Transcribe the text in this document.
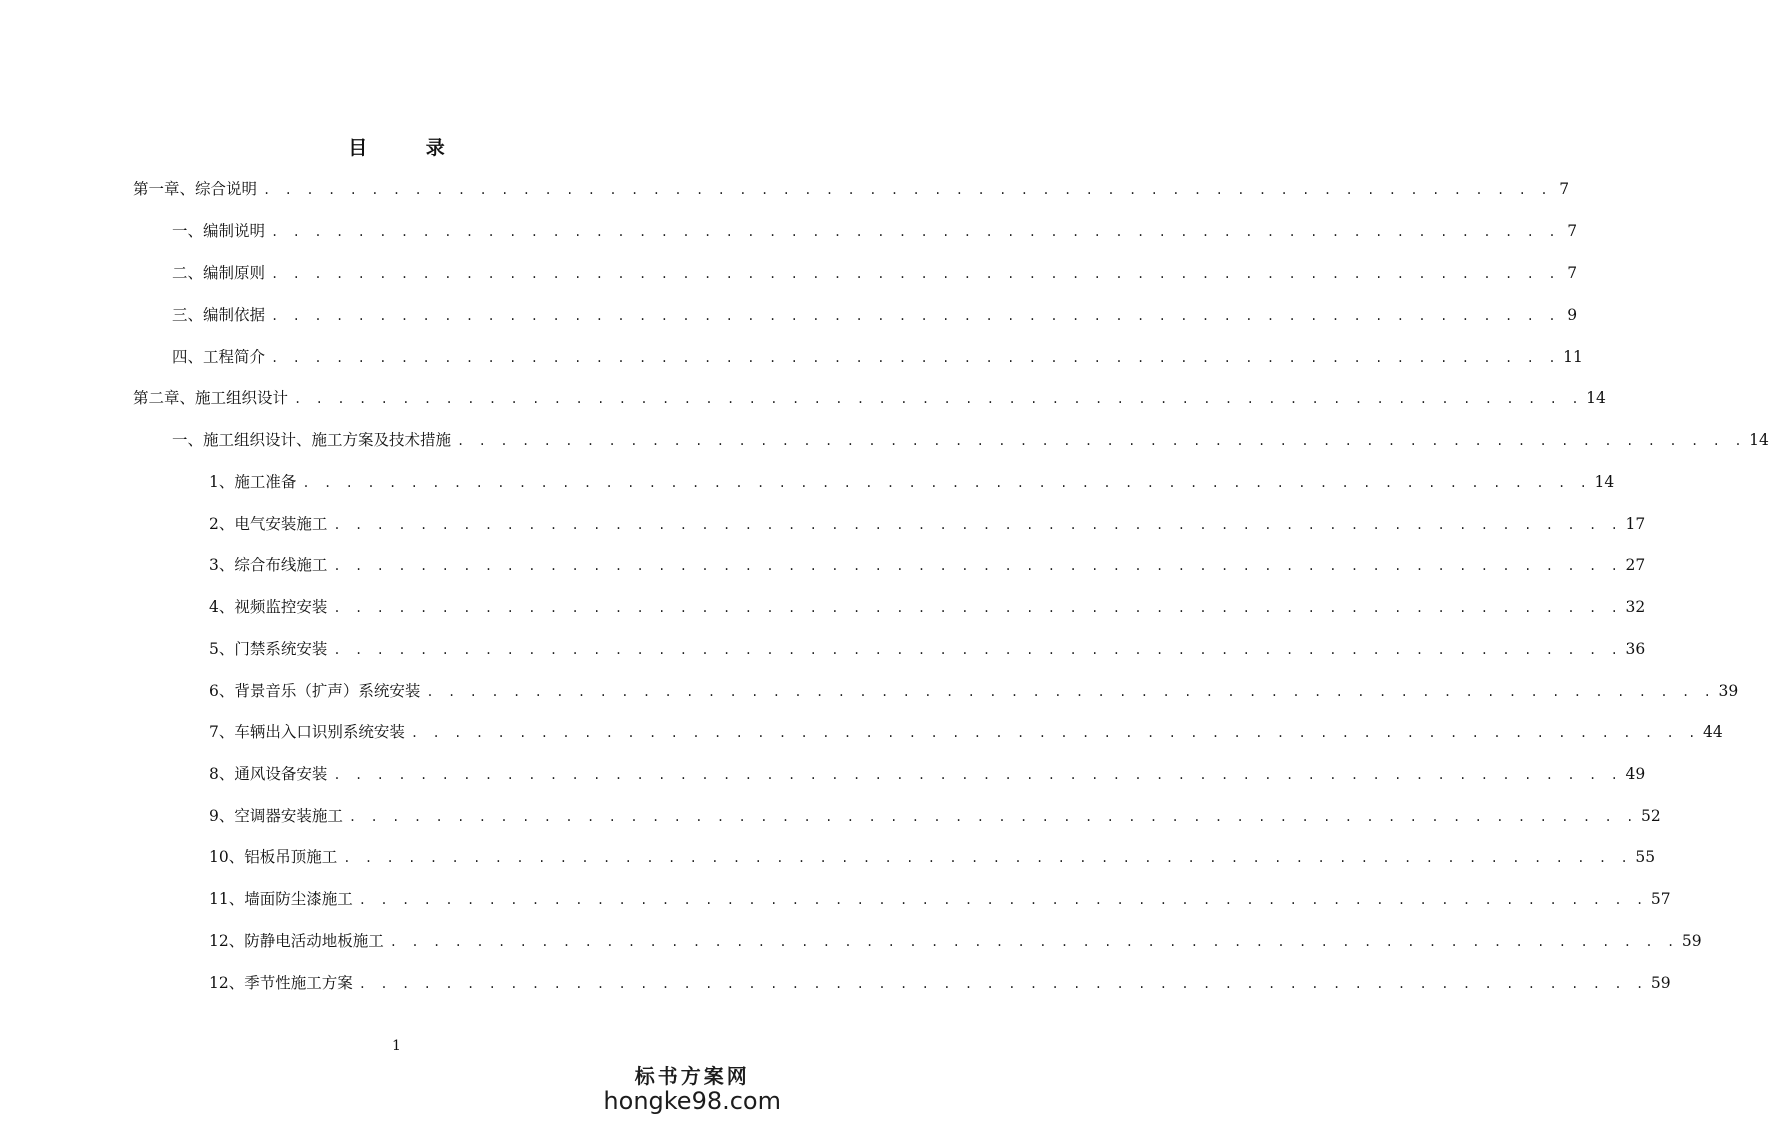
目 录
第一章、综合说明 . . . . . . . . . . . . . . . . . . . . . . . . . . . . . . . . . . . . . . . . . . . . . . . . . . . . . . . . . . . . 7
一、编制说明 . . . . . . . . . . . . . . . . . . . . . . . . . . . . . . . . . . . . . . . . . . . . . . . . . . . . . . . . . . . . 7
二、编制原则 . . . . . . . . . . . . . . . . . . . . . . . . . . . . . . . . . . . . . . . . . . . . . . . . . . . . . . . . . . . . 7
三、编制依据 . . . . . . . . . . . . . . . . . . . . . . . . . . . . . . . . . . . . . . . . . . . . . . . . . . . . . . . . . . . . 9
四、工程简介 . . . . . . . . . . . . . . . . . . . . . . . . . . . . . . . . . . . . . . . . . . . . . . . . . . . . . . . . . . . . 11
第二章、施工组织设计 . . . . . . . . . . . . . . . . . . . . . . . . . . . . . . . . . . . . . . . . . . . . . . . . . . . . . . . . . . . . 14
一、施工组织设计、施工方案及技术措施 . . . . . . . . . . . . . . . . . . . . . . . . . . . . . . . . . . . . . . . . . . . . . . . . . . . . . . . . . . . . 14
1、施工准备 . . . . . . . . . . . . . . . . . . . . . . . . . . . . . . . . . . . . . . . . . . . . . . . . . . . . . . . . . . . . 14
2、电气安装施工 . . . . . . . . . . . . . . . . . . . . . . . . . . . . . . . . . . . . . . . . . . . . . . . . . . . . . . . . . . . . 17
3、综合布线施工 . . . . . . . . . . . . . . . . . . . . . . . . . . . . . . . . . . . . . . . . . . . . . . . . . . . . . . . . . . . . 27
4、视频监控安装 . . . . . . . . . . . . . . . . . . . . . . . . . . . . . . . . . . . . . . . . . . . . . . . . . . . . . . . . . . . . 32
5、门禁系统安装 . . . . . . . . . . . . . . . . . . . . . . . . . . . . . . . . . . . . . . . . . . . . . . . . . . . . . . . . . . . . 36
6、背景音乐（扩声）系统安装 . . . . . . . . . . . . . . . . . . . . . . . . . . . . . . . . . . . . . . . . . . . . . . . . . . . . . . . . . . . . 39
7、车辆出入口识别系统安装 . . . . . . . . . . . . . . . . . . . . . . . . . . . . . . . . . . . . . . . . . . . . . . . . . . . . . . . . . . . . 44
8、通风设备安装 . . . . . . . . . . . . . . . . . . . . . . . . . . . . . . . . . . . . . . . . . . . . . . . . . . . . . . . . . . . . 49
9、空调器安装施工 . . . . . . . . . . . . . . . . . . . . . . . . . . . . . . . . . . . . . . . . . . . . . . . . . . . . . . . . . . . . 52
10、铝板吊顶施工 . . . . . . . . . . . . . . . . . . . . . . . . . . . . . . . . . . . . . . . . . . . . . . . . . . . . . . . . . . . . 55
11、墙面防尘漆施工 . . . . . . . . . . . . . . . . . . . . . . . . . . . . . . . . . . . . . . . . . . . . . . . . . . . . . . . . . . . . 57
12、防静电活动地板施工 . . . . . . . . . . . . . . . . . . . . . . . . . . . . . . . . . . . . . . . . . . . . . . . . . . . . . . . . . . . . 59
12、季节性施工方案 . . . . . . . . . . . . . . . . . . . . . . . . . . . . . . . . . . . . . . . . . . . . . . . . . . . . . . . . . . . . 59
1
标书方案网
hongke98.com
